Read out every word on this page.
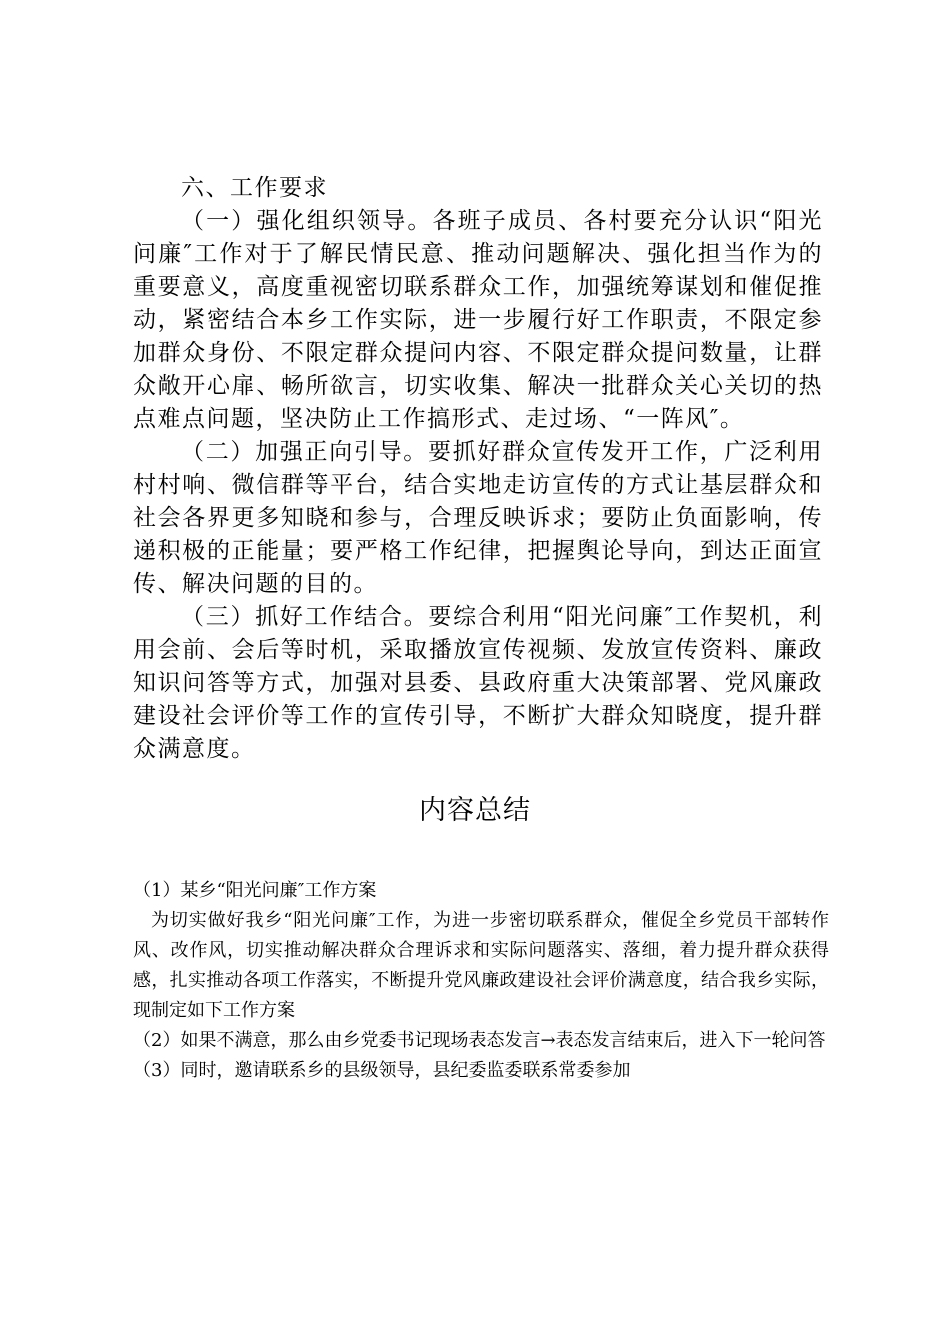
六、工作要求

（一）强化组织领导。各班子成员、各村要充分认识“阳光问廉″工作对于了解民情民意、推动问题解决、强化担当作为的重要意义，高度重视密切联系群众工作，加强统筹谋划和催促推动，紧密结合本乡工作实际，进一步履行好工作职责，不限定参加群众身份、不限定群众提问内容、不限定群众提问数量，让群众敞开心扉、畅所欲言，切实收集、解决一批群众关心关切的热点难点问题，坚决防止工作搞形式、走过场、“一阵风″。

（二）加强正向引导。要抓好群众宣传发开工作，广泛利用村村响、微信群等平台，结合实地走访宣传的方式让基层群众和社会各界更多知晓和参与，合理反映诉求；要防止负面影响，传递积极的正能量；要严格工作纪律，把握舆论导向，到达正面宣传、解决问题的目的。

（三）抓好工作结合。要综合利用“阳光问廉″工作契机，利用会前、会后等时机，采取播放宣传视频、发放宣传资料、廉政知识问答等方式，加强对县委、县政府重大决策部署、党风廉政建设社会评价等工作的宣传引导，不断扩大群众知晓度，提升群众满意度。

内容总结

（1）某乡“阳光问廉″工作方案

为切实做好我乡“阳光问廉″工作，为进一步密切联系群众，催促全乡党员干部转作风、改作风，切实推动解决群众合理诉求和实际问题落实、落细，着力提升群众获得感，扎实推动各项工作落实，不断提升党风廉政建设社会评价满意度，结合我乡实际，现制定如下工作方案

（2）如果不满意，那么由乡党委书记现场表态发言→表态发言结束后，进入下一轮问答

（3）同时，邀请联系乡的县级领导，县纪委监委联系常委参加
